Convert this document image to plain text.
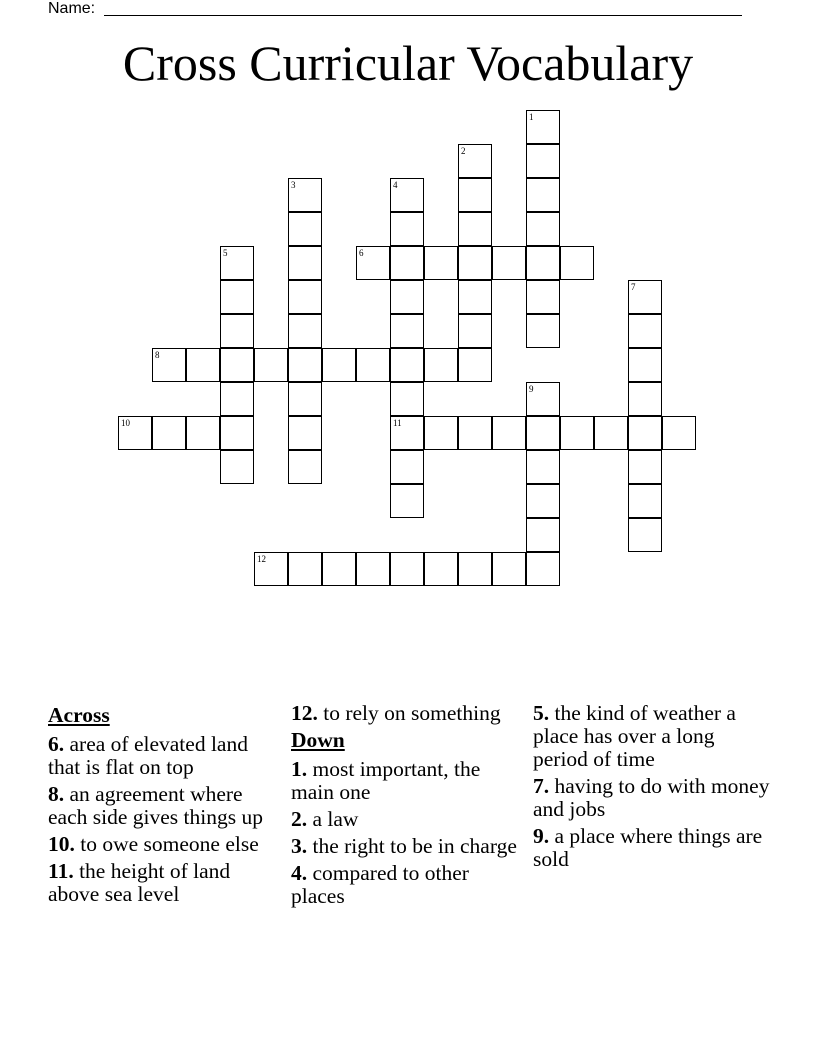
Name:
Cross Curricular Vocabulary
1
2
3	4
11
5	6
7
8
9
10
12
Across
6. area of elevated land that is flat on top
8. an agreement where each side gives things up
10. to owe someone else
11. the height of land above sea level
12. to rely on something
Down
1. most important, the main one
2. a law
3. the right to be in charge
4. compared to other places
5. the kind of weather a place has over a long period of time
7. having to do with money and jobs
9. a place where things are sold
